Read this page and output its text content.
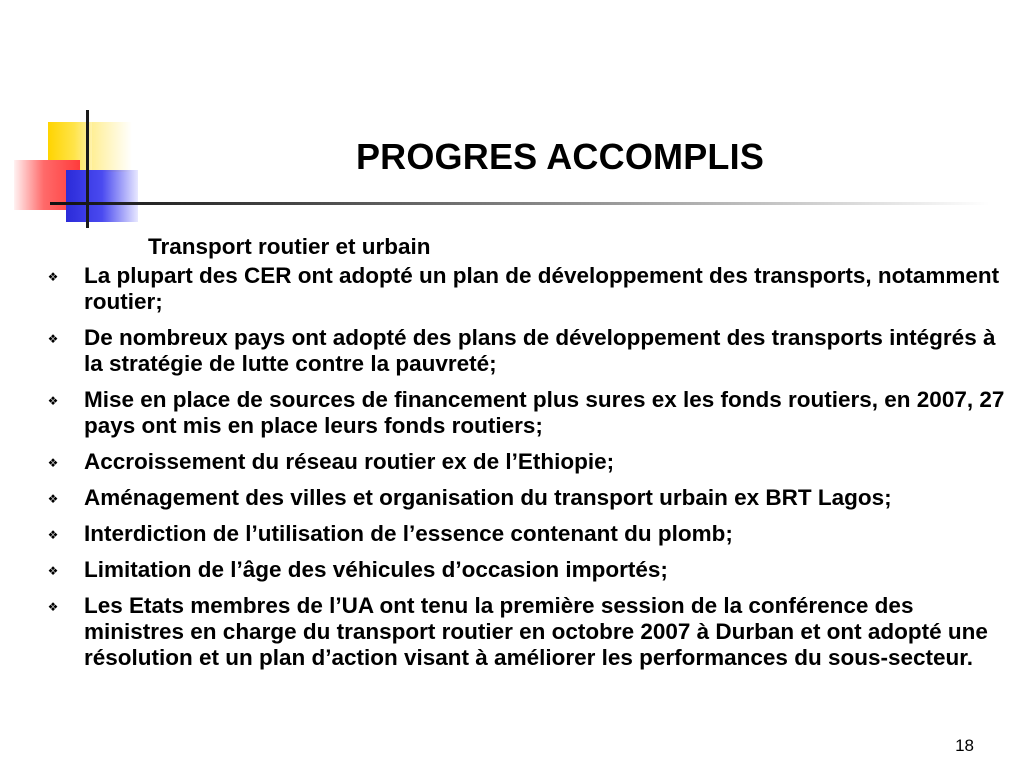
PROGRES ACCOMPLIS
Transport routier et urbain
❖ La plupart des CER ont adopté un plan de développement des transports, notamment routier;
❖ De nombreux pays ont adopté des plans de développement des transports intégrés à la stratégie de lutte contre la pauvreté;
❖ Mise en place de sources de financement plus sures ex les fonds routiers, en 2007, 27 pays ont mis en place leurs fonds routiers;
❖ Accroissement du réseau routier ex de l’Ethiopie;
❖ Aménagement des villes et organisation du transport urbain ex BRT Lagos;
❖ Interdiction de l’utilisation de l’essence contenant du plomb;
❖ Limitation de l’âge des véhicules d’occasion importés;
❖ Les Etats membres de l’UA ont tenu la première session de la conférence des ministres en charge du transport routier en octobre 2007 à Durban et ont adopté une résolution et un plan d’action visant à améliorer les performances du sous-secteur.
18
